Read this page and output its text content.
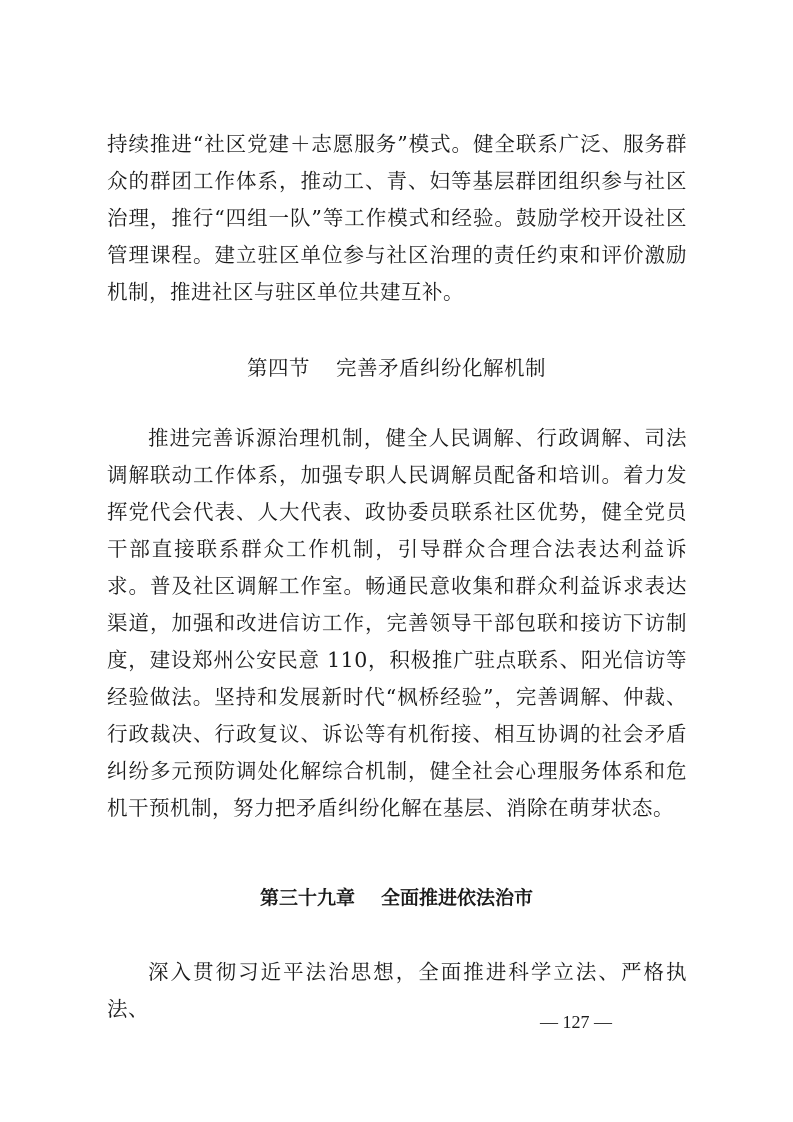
持续推进“社区党建＋志愿服务”模式。健全联系广泛、服务群众的群团工作体系，推动工、青、妇等基层群团组织参与社区治理，推行“四组一队”等工作模式和经验。鼓励学校开设社区管理课程。建立驻区单位参与社区治理的责任约束和评价激励机制，推进社区与驻区单位共建互补。

第四节 完善矛盾纠纷化解机制

推进完善诉源治理机制，健全人民调解、行政调解、司法调解联动工作体系，加强专职人民调解员配备和培训。着力发挥党代会代表、人大代表、政协委员联系社区优势，健全党员干部直接联系群众工作机制，引导群众合理合法表达利益诉求。普及社区调解工作室。畅通民意收集和群众利益诉求表达渠道，加强和改进信访工作，完善领导干部包联和接访下访制度，建设郑州公安民意 110，积极推广驻点联系、阳光信访等经验做法。坚持和发展新时代“枫桥经验”，完善调解、仲裁、行政裁决、行政复议、诉讼等有机衔接、相互协调的社会矛盾纠纷多元预防调处化解综合机制，健全社会心理服务体系和危机干预机制，努力把矛盾纠纷化解在基层、消除在萌芽状态。

第三十九章 全面推进依法治市

深入贯彻习近平法治思想，全面推进科学立法、严格执法、

— 127 —
